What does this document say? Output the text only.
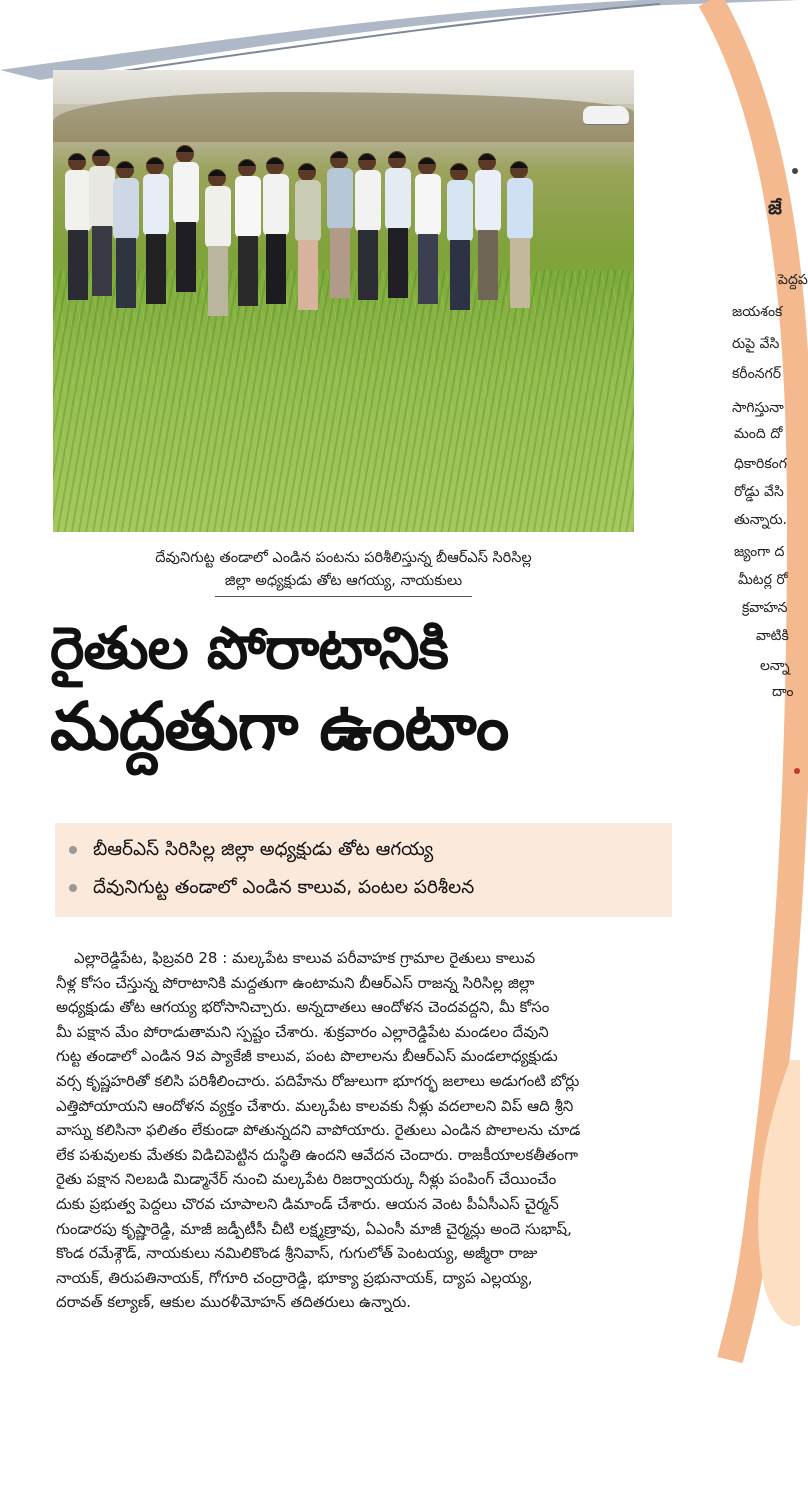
దేవునిగుట్ట తండాలో ఎండిన పంటను పరిశీలిస్తున్న బీఆర్ఎస్ సిరిసిల్ల
జిల్లా అధ్యక్షుడు తోట ఆగయ్య, నాయకులు
రైతుల పోరాటానికి
మద్దతుగా ఉంటాం
బీఆర్ఎస్ సిరిసిల్ల జిల్లా అధ్యక్షుడు తోట ఆగయ్య
దేవునిగుట్ట తండాలో ఎండిన కాలువ, పంటల పరిశీలన
ఎల్లారెడ్డిపేట, ఫిబ్రవరి 28 : మల్కపేట కాలువ పరీవాహక గ్రామాల రైతులు కాలువ
నీళ్ల కోసం చేస్తున్న పోరాటానికి మద్దతుగా ఉంటామని బీఆర్ఎస్ రాజన్న సిరిసిల్ల జిల్లా
అధ్యక్షుడు తోట ఆగయ్య భరోసానిచ్చారు. అన్నదాతలు ఆందోళన చెందవద్దని, మీ కోసం
మీ పక్షాన మేం పోరాడుతామని స్పష్టం చేశారు. శుక్రవారం ఎల్లారెడ్డిపేట మండలం దేవుని
గుట్ట తండాలో ఎండిన 9వ ప్యాకేజీ కాలువ, పంట పొలాలను బీఆర్ఎస్ మండలాధ్యక్షుడు
వర్స కృష్ణహరితో కలిసి పరిశీలించారు. పదిహేను రోజులుగా భూగర్భ జలాలు అడుగంటి బోర్లు
ఎత్తిపోయాయని ఆందోళన వ్యక్తం చేశారు. మల్కపేట కాలవకు నీళ్లు వదలాలని విప్ ఆది శ్రీని
వాస్ను కలిసినా ఫలితం లేకుండా పోతున్నదని వాపోయారు. రైతులు ఎండిన పొలాలను చూడ
లేక పశువులకు మేతకు విడిచిపెట్టిన దుస్థితి ఉందని ఆవేదన చెందారు. రాజకీయాలకతీతంగా
రైతు పక్షాన నిలబడి మిడ్మానేర్ నుంచి మల్కపేట రిజర్వాయర్కు నీళ్లు పంపింగ్ చేయించేం
దుకు ప్రభుత్వ పెద్దలు చొరవ చూపాలని డిమాండ్ చేశారు. ఆయన వెంట పీఏసీఎస్ చైర్మన్
గుండారపు కృష్ణారెడ్డి, మాజీ జడ్పీటీసీ చీటి లక్ష్మణ్రావు, ఏఎంసీ మాజీ చైర్మన్లు అందె సుభాష్,
కొండ రమేశ్గౌడ్, నాయకులు నమిలికొండ శ్రీనివాస్, గుగులోత్ పెంటయ్య, అజ్మీరా రాజు
నాయక్, తిరుపతినాయక్, గోగూరి చంద్రారెడ్డి, భూక్యా ప్రభునాయక్, ద్యాప ఎల్లయ్య,
దరావత్ కల్యాణ్, ఆకుల మురళీమోహన్ తదితరులు ఉన్నారు.
జే
పెద్దప
జయశంక
రుపై వేసి
కరీంనగర్
సాగిస్తునా
మంది దో
ధికారికంగ
రోడ్డు వేసి
తున్నారు.
జ్యంగా ద
మీటర్ల రో
క్రవాహన
వాటికి
లన్నా
దాం
